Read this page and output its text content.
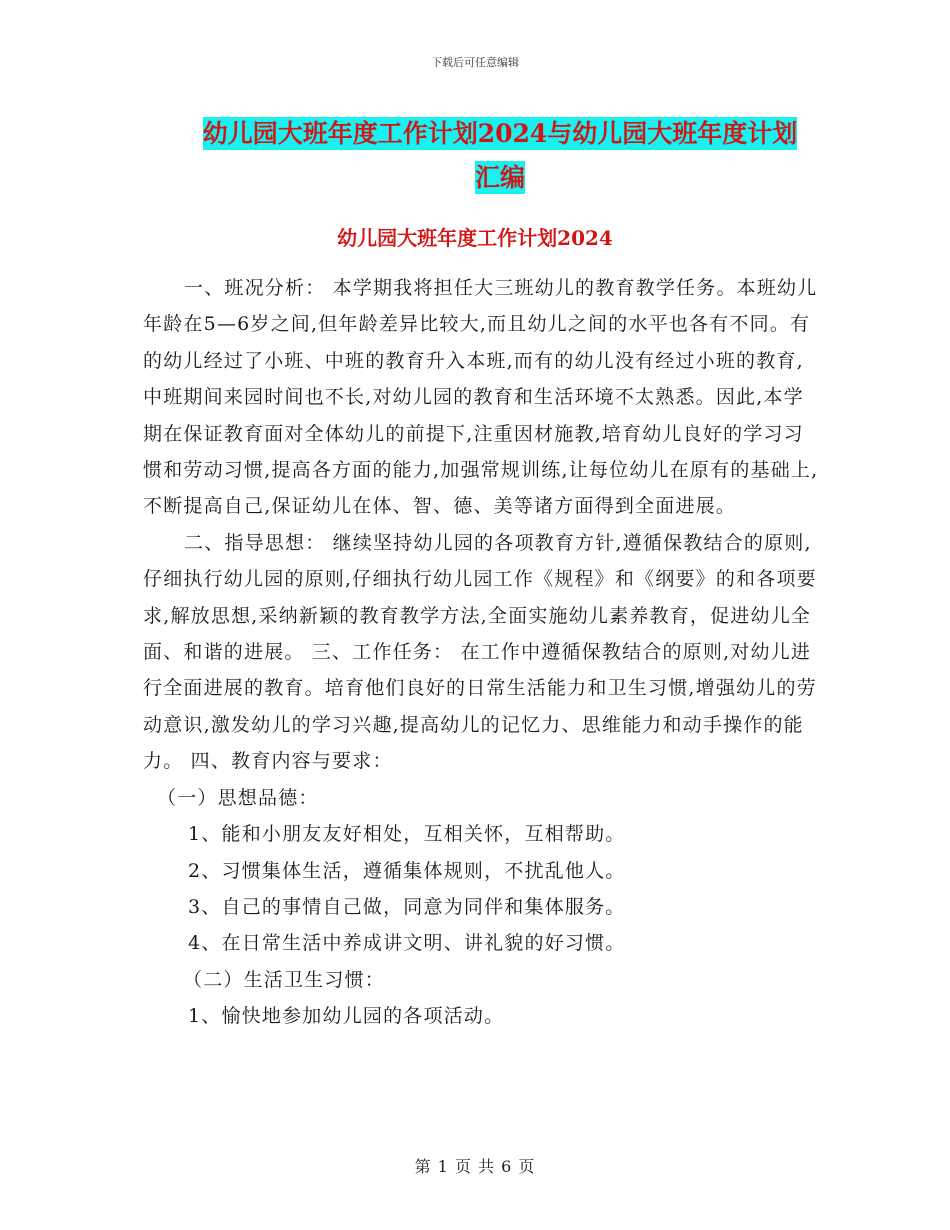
下载后可任意编辑
幼儿园大班年度工作计划2024与幼儿园大班年度计划
汇编
幼儿园大班年度工作计划2024

一、班况分析： 本学期我将担任大三班幼儿的教育教学任务。本班幼儿年龄在5—6岁之间,但年龄差异比较大,而且幼儿之间的水平也各有不同。有的幼儿经过了小班、中班的教育升入本班,而有的幼儿没有经过小班的教育,中班期间来园时间也不长,对幼儿园的教育和生活环境不太熟悉。因此,本学期在保证教育面对全体幼儿的前提下,注重因材施教,培育幼儿良好的学习习惯和劳动习惯,提高各方面的能力,加强常规训练,让每位幼儿在原有的基础上,不断提高自己,保证幼儿在体、智、德、美等诸方面得到全面进展。

二、指导思想： 继续坚持幼儿园的各项教育方针,遵循保教结合的原则,仔细执行幼儿园的原则,仔细执行幼儿园工作《规程》和《纲要》的和各项要求,解放思想,采纳新颖的教育教学方法,全面实施幼儿素养教育，促进幼儿全面、和谐的进展。 三、工作任务： 在工作中遵循保教结合的原则,对幼儿进行全面进展的教育。培育他们良好的日常生活能力和卫生习惯,增强幼儿的劳动意识,激发幼儿的学习兴趣,提高幼儿的记忆力、思维能力和动手操作的能力。 四、教育内容与要求：

（一）思想品德：

1、能和小朋友友好相处，互相关怀，互相帮助。

2、习惯集体生活，遵循集体规则，不扰乱他人。

3、自己的事情自己做，同意为同伴和集体服务。

4、在日常生活中养成讲文明、讲礼貌的好习惯。

（二）生活卫生习惯：

1、愉快地参加幼儿园的各项活动。

第 1 页 共 6 页
